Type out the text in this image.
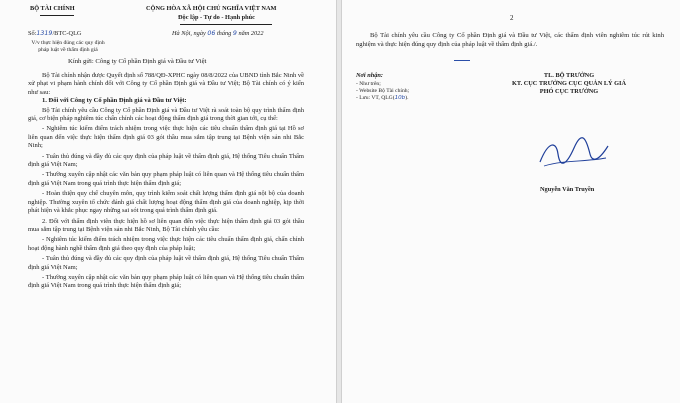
BỘ TÀI CHÍNH	CỘNG HÒA XÃ HỘI CHỦ NGHĨA VIỆT NAM
Độc lập - Tự do - Hạnh phúc
Số:1319/BTC-QLG	Hà Nội, ngày 06 tháng 9 năm 2022
V/v thực hiện đúng các quy định
pháp luật về thẩm định giá
Kính gửi: Công ty Cổ phần Định giá và Đầu tư Việt

Bộ Tài chính nhận được Quyết định số 788/QĐ-XPHC ngày 08/8/2022 của UBND tỉnh Bắc Ninh về xử phạt vi phạm hành chính đối với Công ty Cổ phần Định giá và Đầu tư Việt; Bộ Tài chính có ý kiến như sau:

1. Đối với Công ty Cổ phần Định giá và Đầu tư Việt:

Bộ Tài chính yêu cầu Công ty Cổ phần Định giá và Đầu tư Việt rà soát toàn bộ quy trình thẩm định giá, cơ biện pháp nghiêm túc chấn chỉnh các hoạt động thẩm định giá trong thời gian tới, cụ thể:

- Nghiêm túc kiểm điểm trách nhiệm trong việc thực hiện các tiêu chuẩn thẩm định giá tại Hồ sơ liên quan đến việc thực hiện thẩm định giá 03 gói thầu mua sắm tập trung tại Bệnh viện sản nhi Bắc Ninh;

- Tuân thủ đúng và đầy đủ các quy định của pháp luật về thẩm định giá, Hệ thống Tiêu chuẩn Thẩm định giá Việt Nam;

- Thường xuyên cập nhật các văn bản quy phạm pháp luật có liên quan và Hệ thống tiêu chuẩn thẩm định giá Việt Nam trong quá trình thực hiện thẩm định giá;

- Hoàn thiện quy chế chuyên môn, quy trình kiểm soát chất lượng thẩm định giá nội bộ của doanh nghiệp. Thường xuyên tổ chức đánh giá chất lượng hoạt động thẩm định giá của doanh nghiệp, kịp thời phát hiện và khắc phục ngay những sai sót trong quá trình thẩm định giá.

2. Đối với thẩm định viên thực hiện hồ sơ liên quan đến việc thực hiện thẩm định giá 03 gói thầu mua sắm tập trung tại Bệnh viện sản nhi Bắc Ninh, Bộ Tài chính yêu cầu:

- Nghiêm túc kiểm điểm trách nhiệm trong việc thực hiện các tiêu chuẩn thẩm định giá, chấn chỉnh hoạt động hành nghề thẩm định giá theo quy định của pháp luật;

- Tuân thủ đúng và đầy đủ các quy định của pháp luật về thẩm định giá, Hệ thống Tiêu chuẩn Thẩm định giá Việt Nam;

- Thường xuyên cập nhật các văn bản quy phạm pháp luật có liên quan và Hệ thống tiêu chuẩn thẩm định giá Việt Nam trong quá trình thực hiện thẩm định giá;

2

Bộ Tài chính yêu cầu Công ty Cổ phần Định giá và Đầu tư Việt, các thẩm định viên nghiêm túc rút kinh nghiệm và thực hiện đúng quy định của pháp luật về thẩm định giá./.

Nơi nhận:
- Như trên;
- Website Bộ Tài chính;
- Lưu: VT, QLG(10b).
TL. BỘ TRƯỞNG
KT. CỤC TRƯỞNG CỤC QUẢN LÝ GIÁ
PHÓ CỤC TRƯỞNG
Nguyễn Văn Truyền
